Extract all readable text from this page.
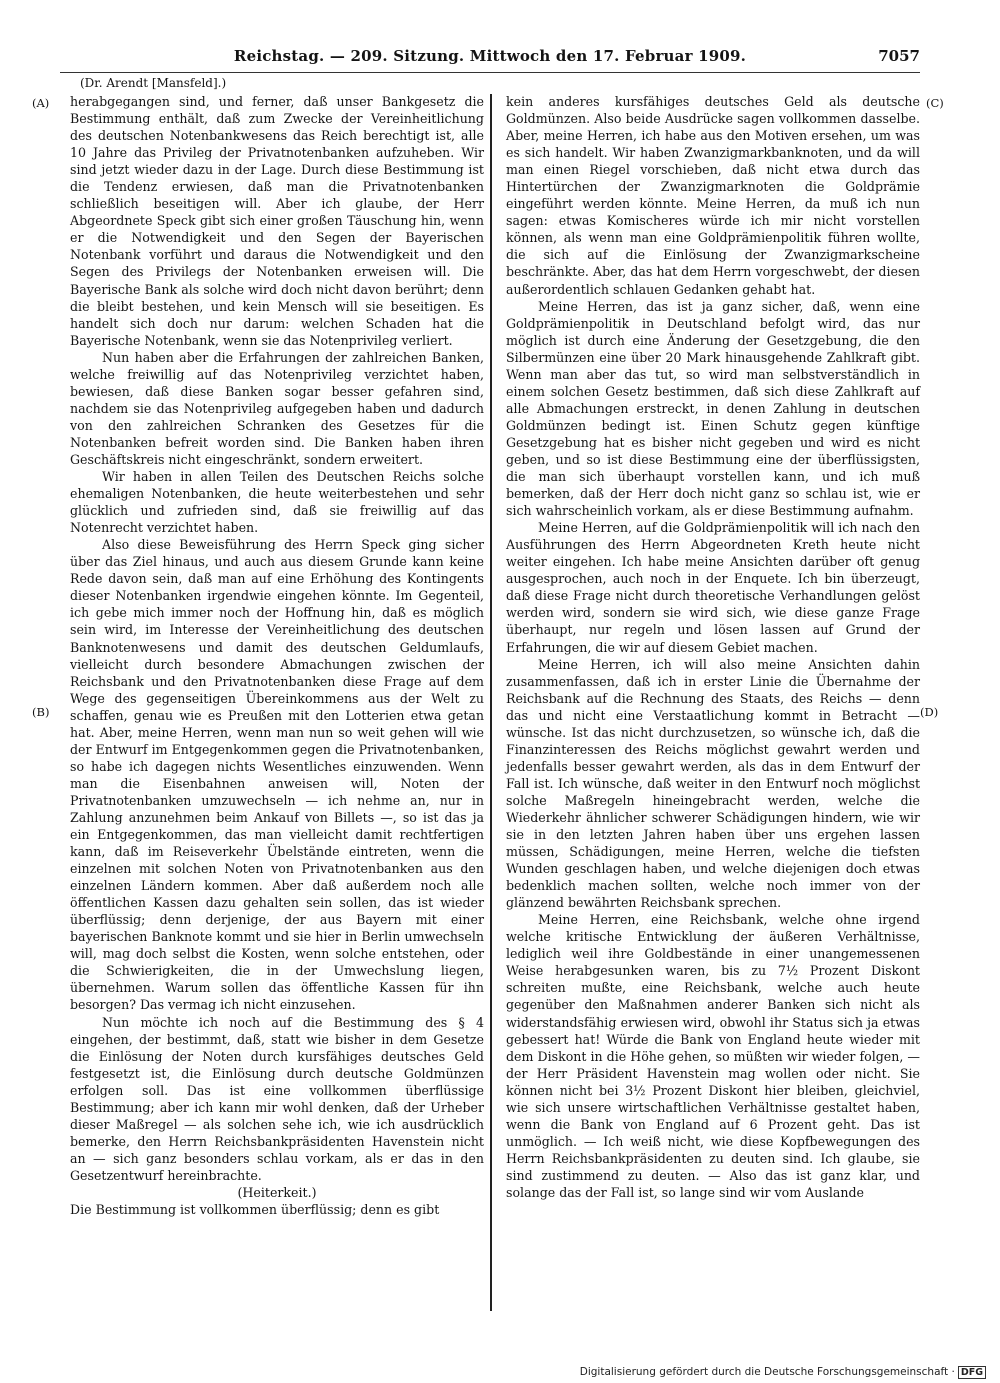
Reichstag. — 209. Sitzung. Mittwoch den 17. Februar 1909.	7057
(Dr. Arendt [Mansfeld].)
(A)
(B)
(C)
(D)

herabgegangen sind, und ferner, daß unser Bankgesetz die Bestimmung enthält, daß zum Zwecke der Vereinheitlichung des deutschen Notenbankwesens das Reich berechtigt ist, alle 10 Jahre das Privileg der Privatnotenbanken aufzuheben. Wir sind jetzt wieder dazu in der Lage. Durch diese Bestimmung ist die Tendenz erwiesen, daß man die Privatnotenbanken schließlich beseitigen will. Aber ich glaube, der Herr Abgeordnete Speck gibt sich einer großen Täuschung hin, wenn er die Notwendigkeit und den Segen der Bayerischen Notenbank vorführt und daraus die Notwendigkeit und den Segen des Privilegs der Notenbanken erweisen will. Die Bayerische Bank als solche wird doch nicht davon berührt; denn die bleibt bestehen, und kein Mensch will sie beseitigen. Es handelt sich doch nur darum: welchen Schaden hat die Bayerische Notenbank, wenn sie das Notenprivileg verliert.

Nun haben aber die Erfahrungen der zahlreichen Banken, welche freiwillig auf das Notenprivileg verzichtet haben, bewiesen, daß diese Banken sogar besser gefahren sind, nachdem sie das Notenprivileg aufgegeben haben und dadurch von den zahlreichen Schranken des Gesetzes für die Notenbanken befreit worden sind. Die Banken haben ihren Geschäftskreis nicht eingeschränkt, sondern erweitert.

Wir haben in allen Teilen des Deutschen Reichs solche ehemaligen Notenbanken, die heute weiterbestehen und sehr glücklich und zufrieden sind, daß sie freiwillig auf das Notenrecht verzichtet haben.

Also diese Beweisführung des Herrn Speck ging sicher über das Ziel hinaus, und auch aus diesem Grunde kann keine Rede davon sein, daß man auf eine Erhöhung des Kontingents dieser Notenbanken irgendwie eingehen könnte. Im Gegenteil, ich gebe mich immer noch der Hoffnung hin, daß es möglich sein wird, im Interesse der Vereinheitlichung des deutschen Banknotenwesens und damit des deutschen Geldumlaufs, vielleicht durch besondere Abmachungen zwischen der Reichsbank und den Privatnotenbanken diese Frage auf dem Wege des gegenseitigen Übereinkommens aus der Welt zu schaffen, genau wie es Preußen mit den Lotterien etwa getan hat. Aber, meine Herren, wenn man nun so weit gehen will wie der Entwurf im Entgegenkommen gegen die Privatnotenbanken, so habe ich dagegen nichts Wesentliches einzuwenden. Wenn man die Eisenbahnen anweisen will, Noten der Privatnotenbanken umzuwechseln — ich nehme an, nur in Zahlung anzunehmen beim Ankauf von Billets —, so ist das ja ein Entgegenkommen, das man vielleicht damit rechtfertigen kann, daß im Reiseverkehr Übelstände eintreten, wenn die einzelnen mit solchen Noten von Privatnotenbanken aus den einzelnen Ländern kommen. Aber daß außerdem noch alle öffentlichen Kassen dazu gehalten sein sollen, das ist wieder überflüssig; denn derjenige, der aus Bayern mit einer bayerischen Banknote kommt und sie hier in Berlin umwechseln will, mag doch selbst die Kosten, wenn solche entstehen, oder die Schwierigkeiten, die in der Umwechslung liegen, übernehmen. Warum sollen das öffentliche Kassen für ihn besorgen? Das vermag ich nicht einzusehen.

Nun möchte ich noch auf die Bestimmung des § 4 eingehen, der bestimmt, daß, statt wie bisher in dem Gesetze die Einlösung der Noten durch kursfähiges deutsches Geld festgesetzt ist, die Einlösung durch deutsche Goldmünzen erfolgen soll. Das ist eine vollkommen überflüssige Bestimmung; aber ich kann mir wohl denken, daß der Urheber dieser Maßregel — als solchen sehe ich, wie ich ausdrücklich bemerke, den Herrn Reichsbankpräsidenten Havenstein nicht an — sich ganz besonders schlau vorkam, als er das in den Gesetzentwurf hereinbrachte.

(Heiterkeit.)

Die Bestimmung ist vollkommen überflüssig; denn es gibt

kein anderes kursfähiges deutsches Geld als deutsche Goldmünzen. Also beide Ausdrücke sagen vollkommen dasselbe. Aber, meine Herren, ich habe aus den Motiven ersehen, um was es sich handelt. Wir haben Zwanzigmarkbanknoten, und da will man einen Riegel vorschieben, daß nicht etwa durch das Hintertürchen der Zwanzigmarknoten die Goldprämie eingeführt werden könnte. Meine Herren, da muß ich nun sagen: etwas Komischeres würde ich mir nicht vorstellen können, als wenn man eine Goldprämienpolitik führen wollte, die sich auf die Einlösung der Zwanzigmarkscheine beschränkte. Aber, das hat dem Herrn vorgeschwebt, der diesen außerordentlich schlauen Gedanken gehabt hat.

Meine Herren, das ist ja ganz sicher, daß, wenn eine Goldprämienpolitik in Deutschland befolgt wird, das nur möglich ist durch eine Änderung der Gesetzgebung, die den Silbermünzen eine über 20 Mark hinausgehende Zahlkraft gibt. Wenn man aber das tut, so wird man selbstverständlich in einem solchen Gesetz bestimmen, daß sich diese Zahlkraft auf alle Abmachungen erstreckt, in denen Zahlung in deutschen Goldmünzen bedingt ist. Einen Schutz gegen künftige Gesetzgebung hat es bisher nicht gegeben und wird es nicht geben, und so ist diese Bestimmung eine der überflüssigsten, die man sich überhaupt vorstellen kann, und ich muß bemerken, daß der Herr doch nicht ganz so schlau ist, wie er sich wahrscheinlich vorkam, als er diese Bestimmung aufnahm.

Meine Herren, auf die Goldprämienpolitik will ich nach den Ausführungen des Herrn Abgeordneten Kreth heute nicht weiter eingehen. Ich habe meine Ansichten darüber oft genug ausgesprochen, auch noch in der Enquete. Ich bin überzeugt, daß diese Frage nicht durch theoretische Verhandlungen gelöst werden wird, sondern sie wird sich, wie diese ganze Frage überhaupt, nur regeln und lösen lassen auf Grund der Erfahrungen, die wir auf diesem Gebiet machen.

Meine Herren, ich will also meine Ansichten dahin zusammenfassen, daß ich in erster Linie die Übernahme der Reichsbank auf die Rechnung des Staats, des Reichs — denn das und nicht eine Verstaatlichung kommt in Betracht — wünsche. Ist das nicht durchzusetzen, so wünsche ich, daß die Finanzinteressen des Reichs möglichst gewahrt werden und jedenfalls besser gewahrt werden, als das in dem Entwurf der Fall ist. Ich wünsche, daß weiter in den Entwurf noch möglichst solche Maßregeln hineingebracht werden, welche die Wiederkehr ähnlicher schwerer Schädigungen hindern, wie wir sie in den letzten Jahren haben über uns ergehen lassen müssen, Schädigungen, meine Herren, welche die tiefsten Wunden geschlagen haben, und welche diejenigen doch etwas bedenklich machen sollten, welche noch immer von der glänzend bewährten Reichsbank sprechen.

Meine Herren, eine Reichsbank, welche ohne irgend welche kritische Entwicklung der äußeren Verhältnisse, lediglich weil ihre Goldbestände in einer unangemessenen Weise herabgesunken waren, bis zu 7½ Prozent Diskont schreiten mußte, eine Reichsbank, welche auch heute gegenüber den Maßnahmen anderer Banken sich nicht als widerstandsfähig erwiesen wird, obwohl ihr Status sich ja etwas gebessert hat! Würde die Bank von England heute wieder mit dem Diskont in die Höhe gehen, so müßten wir wieder folgen, — der Herr Präsident Havenstein mag wollen oder nicht. Sie können nicht bei 3½ Prozent Diskont hier bleiben, gleichviel, wie sich unsere wirtschaftlichen Verhältnisse gestaltet haben, wenn die Bank von England auf 6 Prozent geht. Das ist unmöglich. — Ich weiß nicht, wie diese Kopfbewegungen des Herrn Reichsbankpräsidenten zu deuten sind. Ich glaube, sie sind zustimmend zu deuten. — Also das ist ganz klar, und solange das der Fall ist, so lange sind wir vom Auslande

Digitalisierung gefördert durch die Deutsche Forschungsgemeinschaft · DFG
